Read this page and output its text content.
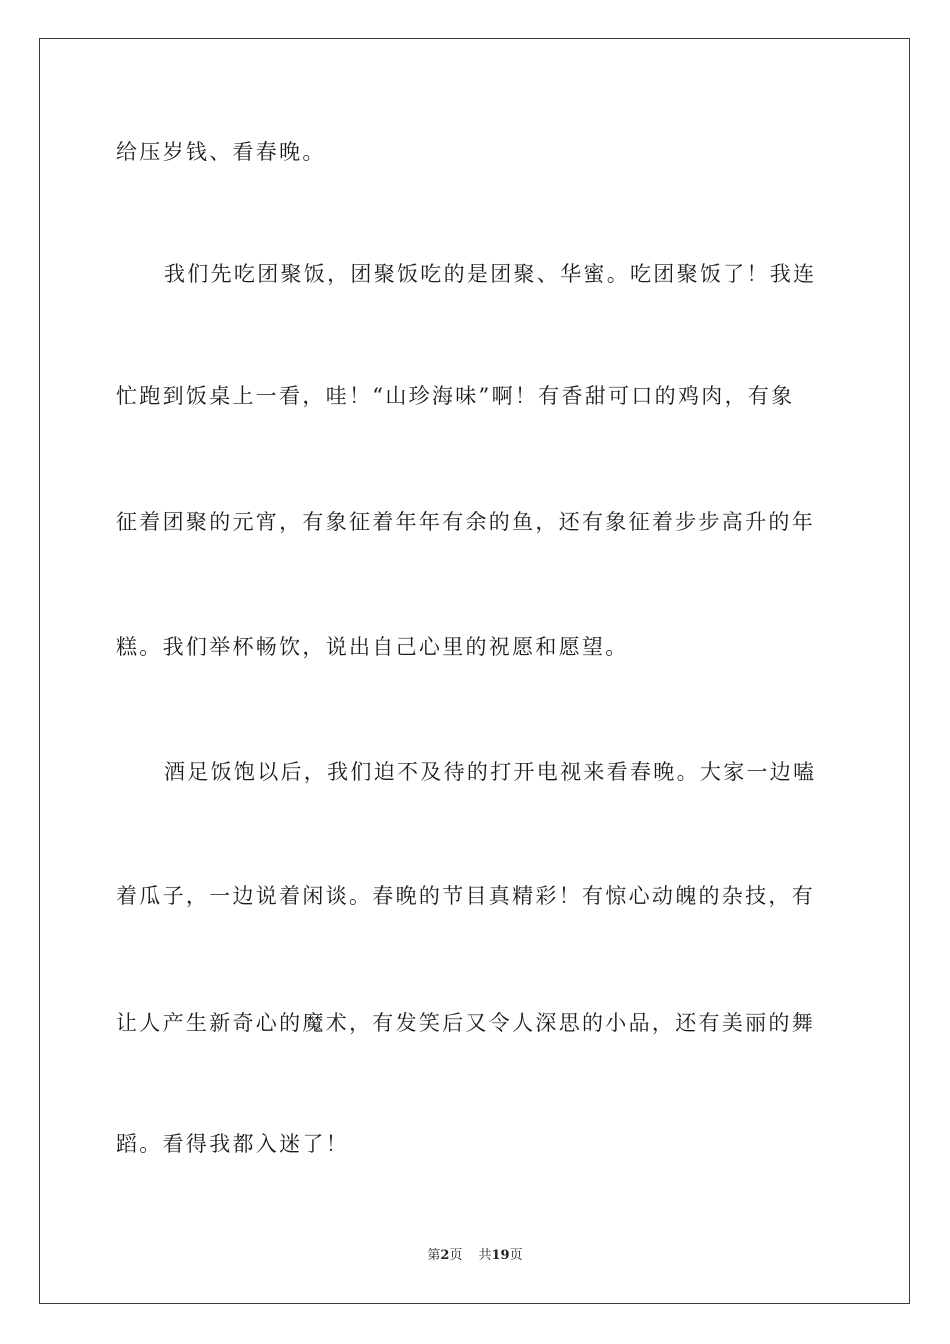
给压岁钱、看春晚。
我们先吃团聚饭，团聚饭吃的是团聚、华蜜。吃团聚饭了！我连
忙跑到饭桌上一看，哇！“山珍海味”啊！有香甜可口的鸡肉，有象
征着团聚的元宵，有象征着年年有余的鱼，还有象征着步步高升的年
糕。我们举杯畅饮，说出自己心里的祝愿和愿望。
酒足饭饱以后，我们迫不及待的打开电视来看春晚。大家一边嗑
着瓜子，一边说着闲谈。春晚的节目真精彩！有惊心动魄的杂技，有
让人产生新奇心的魔术，有发笑后又令人深思的小品，还有美丽的舞
蹈。看得我都入迷了！
第2页 共19页
